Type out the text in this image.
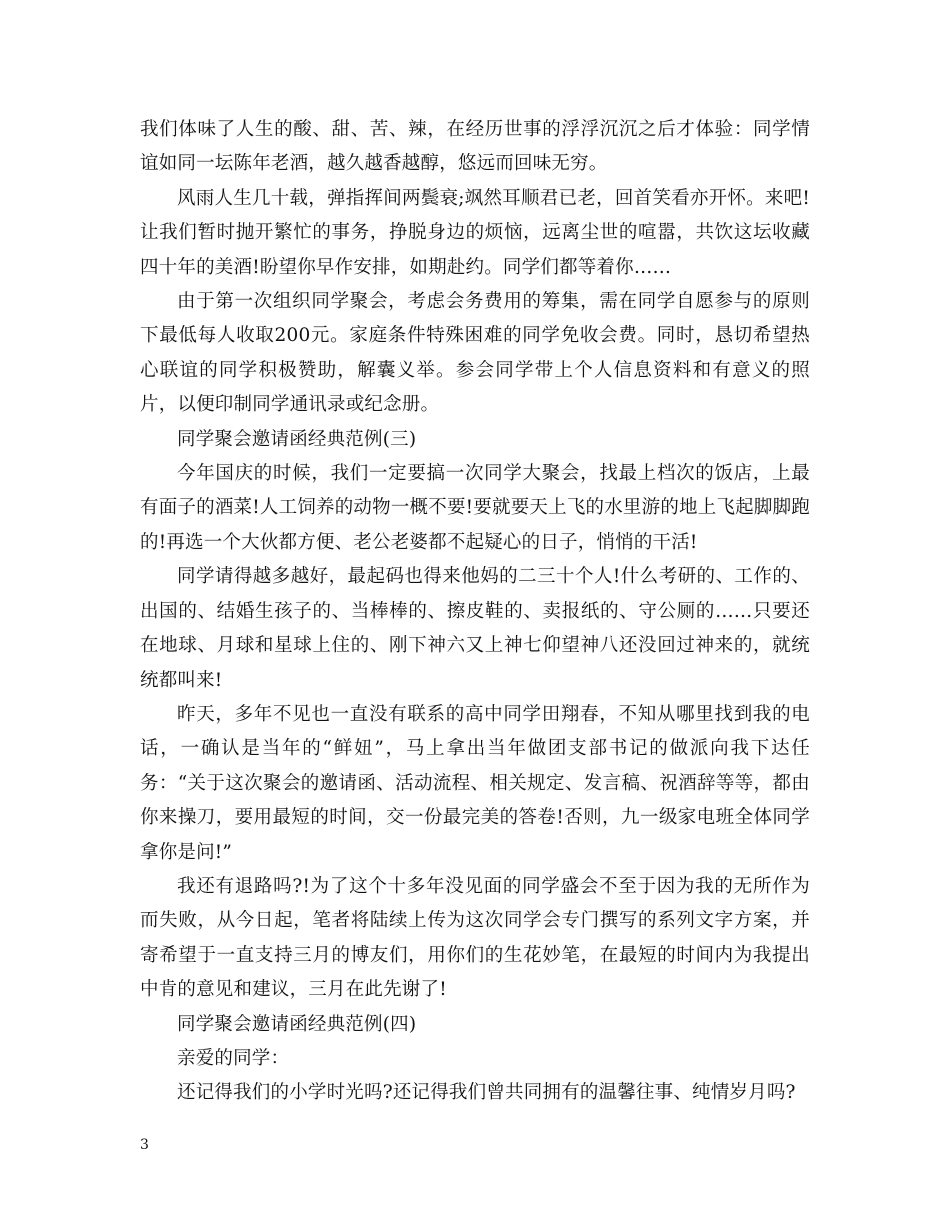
我们体味了人生的酸、甜、苦、辣，在经历世事的浮浮沉沉之后才体验：同学情谊如同一坛陈年老酒，越久越香越醇，悠远而回味无穷。

风雨人生几十载，弹指挥间两鬓衰;飒然耳顺君已老，回首笑看亦开怀。来吧!让我们暂时抛开繁忙的事务，挣脱身边的烦恼，远离尘世的喧嚣，共饮这坛收藏四十年的美酒!盼望你早作安排，如期赴约。同学们都等着你……

由于第一次组织同学聚会，考虑会务费用的筹集，需在同学自愿参与的原则下最低每人收取200元。家庭条件特殊困难的同学免收会费。同时，恳切希望热心联谊的同学积极赞助，解囊义举。参会同学带上个人信息资料和有意义的照片，以便印制同学通讯录或纪念册。

同学聚会邀请函经典范例(三)

今年国庆的时候，我们一定要搞一次同学大聚会，找最上档次的饭店，上最有面子的酒菜!人工饲养的动物一概不要!要就要天上飞的水里游的地上飞起脚脚跑的!再选一个大伙都方便、老公老婆都不起疑心的日子，悄悄的干活!

同学请得越多越好，最起码也得来他妈的二三十个人!什么考研的、工作的、出国的、结婚生孩子的、当棒棒的、擦皮鞋的、卖报纸的、守公厕的……只要还在地球、月球和星球上住的、刚下神六又上神七仰望神八还没回过神来的，就统统都叫来!

昨天，多年不见也一直没有联系的高中同学田翔春，不知从哪里找到我的电话，一确认是当年的“鲜妞”，马上拿出当年做团支部书记的做派向我下达任务：“关于这次聚会的邀请函、活动流程、相关规定、发言稿、祝酒辞等等，都由你来操刀，要用最短的时间，交一份最完美的答卷!否则，九一级家电班全体同学拿你是问!”

我还有退路吗?!为了这个十多年没见面的同学盛会不至于因为我的无所作为而失败，从今日起，笔者将陆续上传为这次同学会专门撰写的系列文字方案，并寄希望于一直支持三月的博友们，用你们的生花妙笔，在最短的时间内为我提出中肯的意见和建议，三月在此先谢了!

同学聚会邀请函经典范例(四)

亲爱的同学：

还记得我们的小学时光吗?还记得我们曾共同拥有的温馨往事、纯情岁月吗?

3
